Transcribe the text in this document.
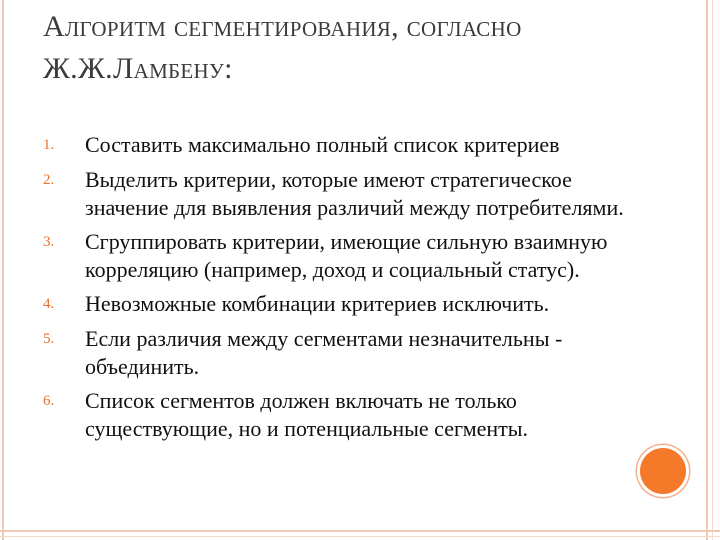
Алгоритм сегментирования, согласно
Ж.Ж.Ламбену:
1.	Составить максимально полный список критериев
2.	Выделить критерии, которые имеют стратегическое значение для выявления различий между потребителями.
3.	Сгруппировать критерии, имеющие сильную взаимную корреляцию (например, доход и социальный статус).
4.	Невозможные комбинации критериев исключить.
5.	Если различия между сегментами незначительны - объединить.
6.	Список сегментов должен включать не только существующие, но и потенциальные сегменты.
